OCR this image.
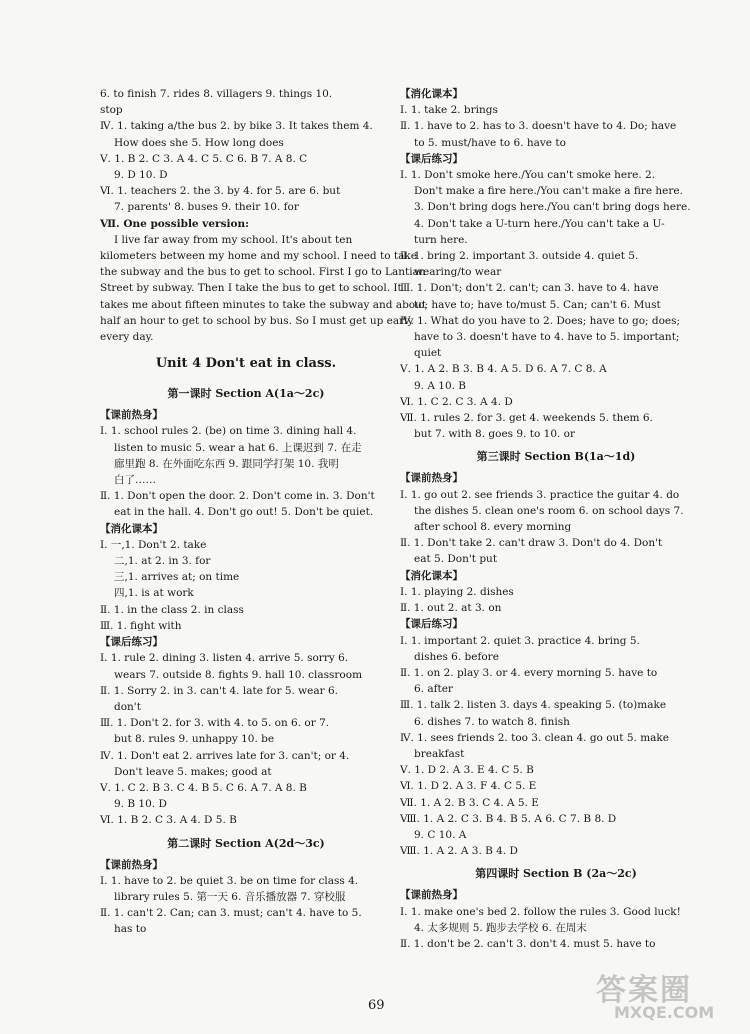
6. to finish 7. rides 8. villagers 9. things 10.
stop
Ⅳ. 1. taking a/the bus 2. by bike 3. It takes them 4.
How does she 5. How long does
Ⅴ. 1. B 2. C 3. A 4. C 5. C 6. B 7. A 8. C
9. D 10. D
Ⅵ. 1. teachers 2. the 3. by 4. for 5. are 6. but
7. parents' 8. buses 9. their 10. for
Ⅶ. One possible version:
I live far away from my school. It's about ten
kilometers between my home and my school. I need to take
the subway and the bus to get to school. First I go to Lantian
Street by subway. Then I take the bus to get to school. It
takes me about fifteen minutes to take the subway and about
half an hour to get to school by bus. So I must get up early
every day.
Unit 4 Don't eat in class.
第一课时 Section A(1a～2c)
【课前热身】
Ⅰ. 1. school rules 2. (be) on time 3. dining hall 4.
listen to music 5. wear a hat 6. 上课迟到 7. 在走
廊里跑 8. 在外面吃东西 9. 跟同学打架 10. 我明
白了……
Ⅱ. 1. Don't open the door. 2. Don't come in. 3. Don't
eat in the hall. 4. Don't go out! 5. Don't be quiet.
【消化课本】
Ⅰ. 一,1. Don't 2. take
二,1. at 2. in 3. for
三,1. arrives at; on time
四,1. is at work
Ⅱ. 1. in the class 2. in class
Ⅲ. 1. fight with
【课后练习】
Ⅰ. 1. rule 2. dining 3. listen 4. arrive 5. sorry 6.
wears 7. outside 8. fights 9. hall 10. classroom
Ⅱ. 1. Sorry 2. in 3. can't 4. late for 5. wear 6.
don't
Ⅲ. 1. Don't 2. for 3. with 4. to 5. on 6. or 7.
but 8. rules 9. unhappy 10. be
Ⅳ. 1. Don't eat 2. arrives late for 3. can't; or 4.
Don't leave 5. makes; good at
Ⅴ. 1. C 2. B 3. C 4. B 5. C 6. A 7. A 8. B
9. B 10. D
Ⅵ. 1. B 2. C 3. A 4. D 5. B
第二课时 Section A(2d～3c)
【课前热身】
Ⅰ. 1. have to 2. be quiet 3. be on time for class 4.
library rules 5. 第一天 6. 音乐播放器 7. 穿校服
Ⅱ. 1. can't 2. Can; can 3. must; can't 4. have to 5.
has to
【消化课本】
Ⅰ. 1. take 2. brings
Ⅱ. 1. have to 2. has to 3. doesn't have to 4. Do; have
to 5. must/have to 6. have to
【课后练习】
Ⅰ. 1. Don't smoke here./You can't smoke here. 2.
Don't make a fire here./You can't make a fire here.
3. Don't bring dogs here./You can't bring dogs here.
4. Don't take a U-turn here./You can't take a U-
turn here.
Ⅱ. 1. bring 2. important 3. outside 4. quiet 5.
wearing/to wear
Ⅲ. 1. Don't; don't 2. can't; can 3. have to 4. have
to; have to; have to/must 5. Can; can't 6. Must
Ⅳ. 1. What do you have to 2. Does; have to go; does;
have to 3. doesn't have to 4. have to 5. important;
quiet
Ⅴ. 1. A 2. B 3. B 4. A 5. D 6. A 7. C 8. A
9. A 10. B
Ⅵ. 1. C 2. C 3. A 4. D
Ⅶ. 1. rules 2. for 3. get 4. weekends 5. them 6.
but 7. with 8. goes 9. to 10. or
第三课时 Section B(1a～1d)
【课前热身】
Ⅰ. 1. go out 2. see friends 3. practice the guitar 4. do
the dishes 5. clean one's room 6. on school days 7.
after school 8. every morning
Ⅱ. 1. Don't take 2. can't draw 3. Don't do 4. Don't
eat 5. Don't put
【消化课本】
Ⅰ. 1. playing 2. dishes
Ⅱ. 1. out 2. at 3. on
【课后练习】
Ⅰ. 1. important 2. quiet 3. practice 4. bring 5.
dishes 6. before
Ⅱ. 1. on 2. play 3. or 4. every morning 5. have to
6. after
Ⅲ. 1. talk 2. listen 3. days 4. speaking 5. (to)make
6. dishes 7. to watch 8. finish
Ⅳ. 1. sees friends 2. too 3. clean 4. go out 5. make
breakfast
Ⅴ. 1. D 2. A 3. E 4. C 5. B
Ⅵ. 1. D 2. A 3. F 4. C 5. E
Ⅶ. 1. A 2. B 3. C 4. A 5. E
Ⅷ. 1. A 2. C 3. B 4. B 5. A 6. C 7. B 8. D
9. C 10. A
Ⅷ. 1. A 2. A 3. B 4. D
第四课时 Section B (2a～2c)
【课前热身】
Ⅰ. 1. make one's bed 2. follow the rules 3. Good luck!
4. 太多规则 5. 跑步去学校 6. 在周末
Ⅱ. 1. don't be 2. can't 3. don't 4. must 5. have to
69	答案圈
MXQE.COM
